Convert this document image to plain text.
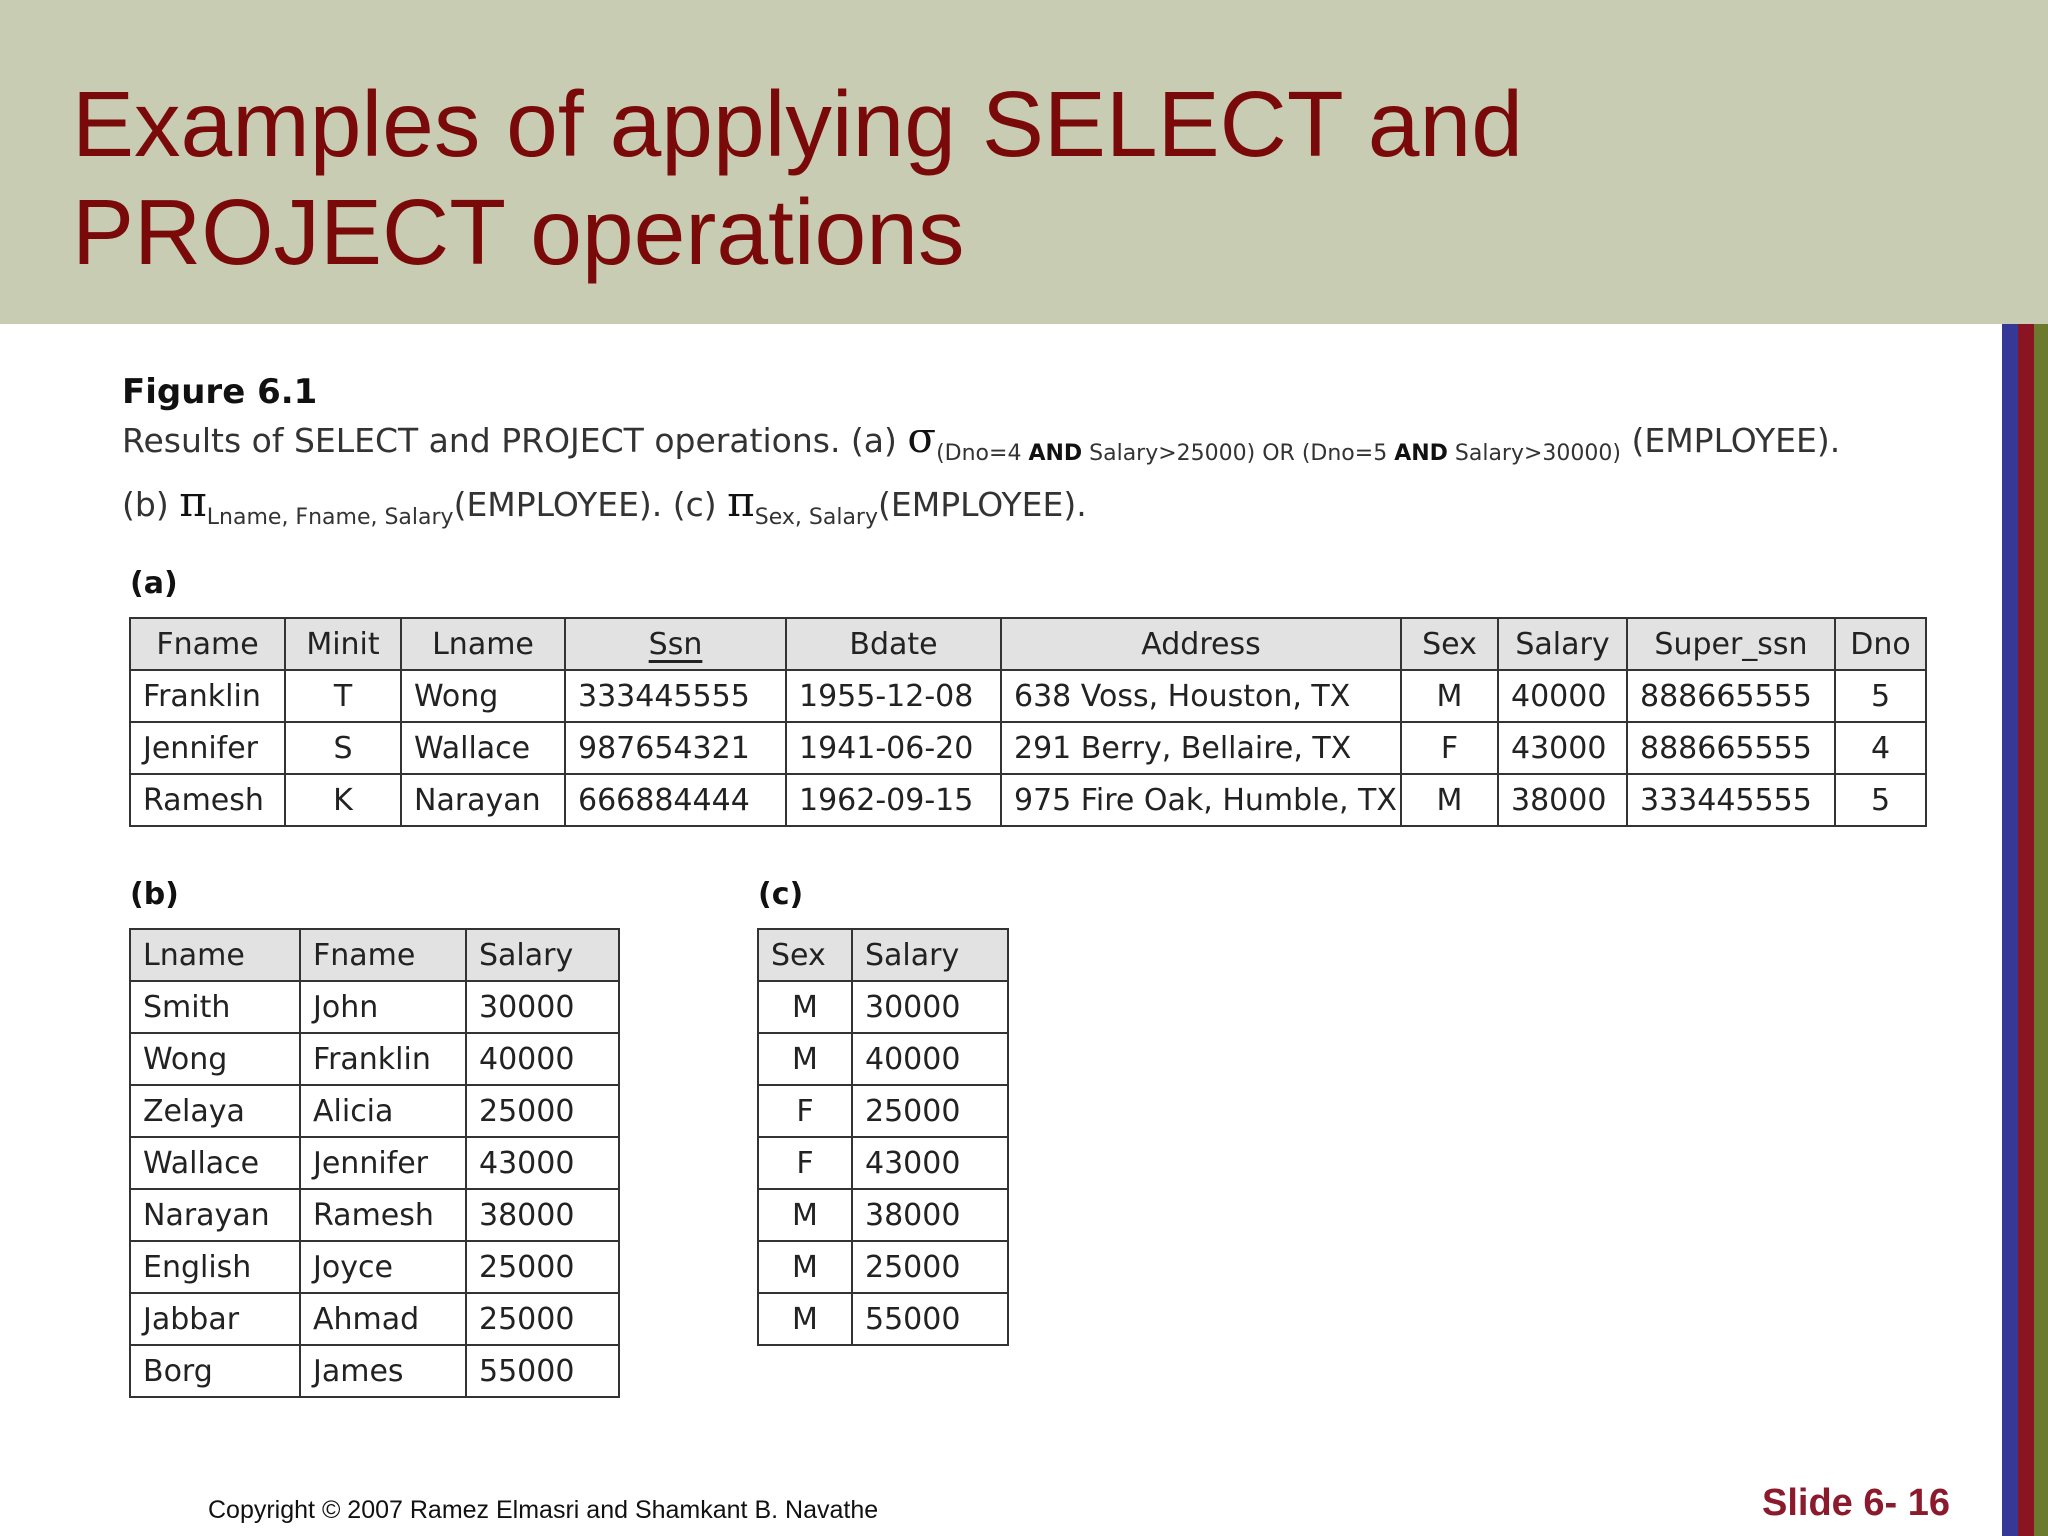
Examples of applying SELECT and
PROJECT operations
Figure 6.1
Results of SELECT and PROJECT operations. (a) $\sigma_{(Dno=4 AND Salary>25000) OR (Dno=5 AND Salary>30000)}$ (EMPLOYEE).
(b) $\pi_{Lname, Fname, Salary}(EMPLOYEE)$. (c) $\pi_{Sex, Salary}(EMPLOYEE)$.
(a)
Fname	Minit	Lname	Ssn	Bdate	Address	Sex	Salary	Super_ssn	Dno
Franklin	T	Wong	333445555	1955-12-08	638 Voss, Houston, TX	M	40000	888665555	5
Jennifer	S	Wallace	987654321	1941-06-20	291 Berry, Bellaire, TX	F	43000	888665555	4
Ramesh	K	Narayan	666884444	1962-09-15	975 Fire Oak, Humble, TX	M	38000	333445555	5
(b)
Lname	Fname	Salary
Smith	John	30000
Wong	Franklin	40000
Zelaya	Alicia	25000
Wallace	Jennifer	43000
Narayan	Ramesh	38000
English	Joyce	25000
Jabbar	Ahmad	25000
Borg	James	55000
(c)
Sex	Salary
M	30000
M	40000
F	25000
F	43000
M	38000
M	25000
M	55000
Copyright © 2007 Ramez Elmasri and Shamkant B. Navathe	Slide 6- 16
